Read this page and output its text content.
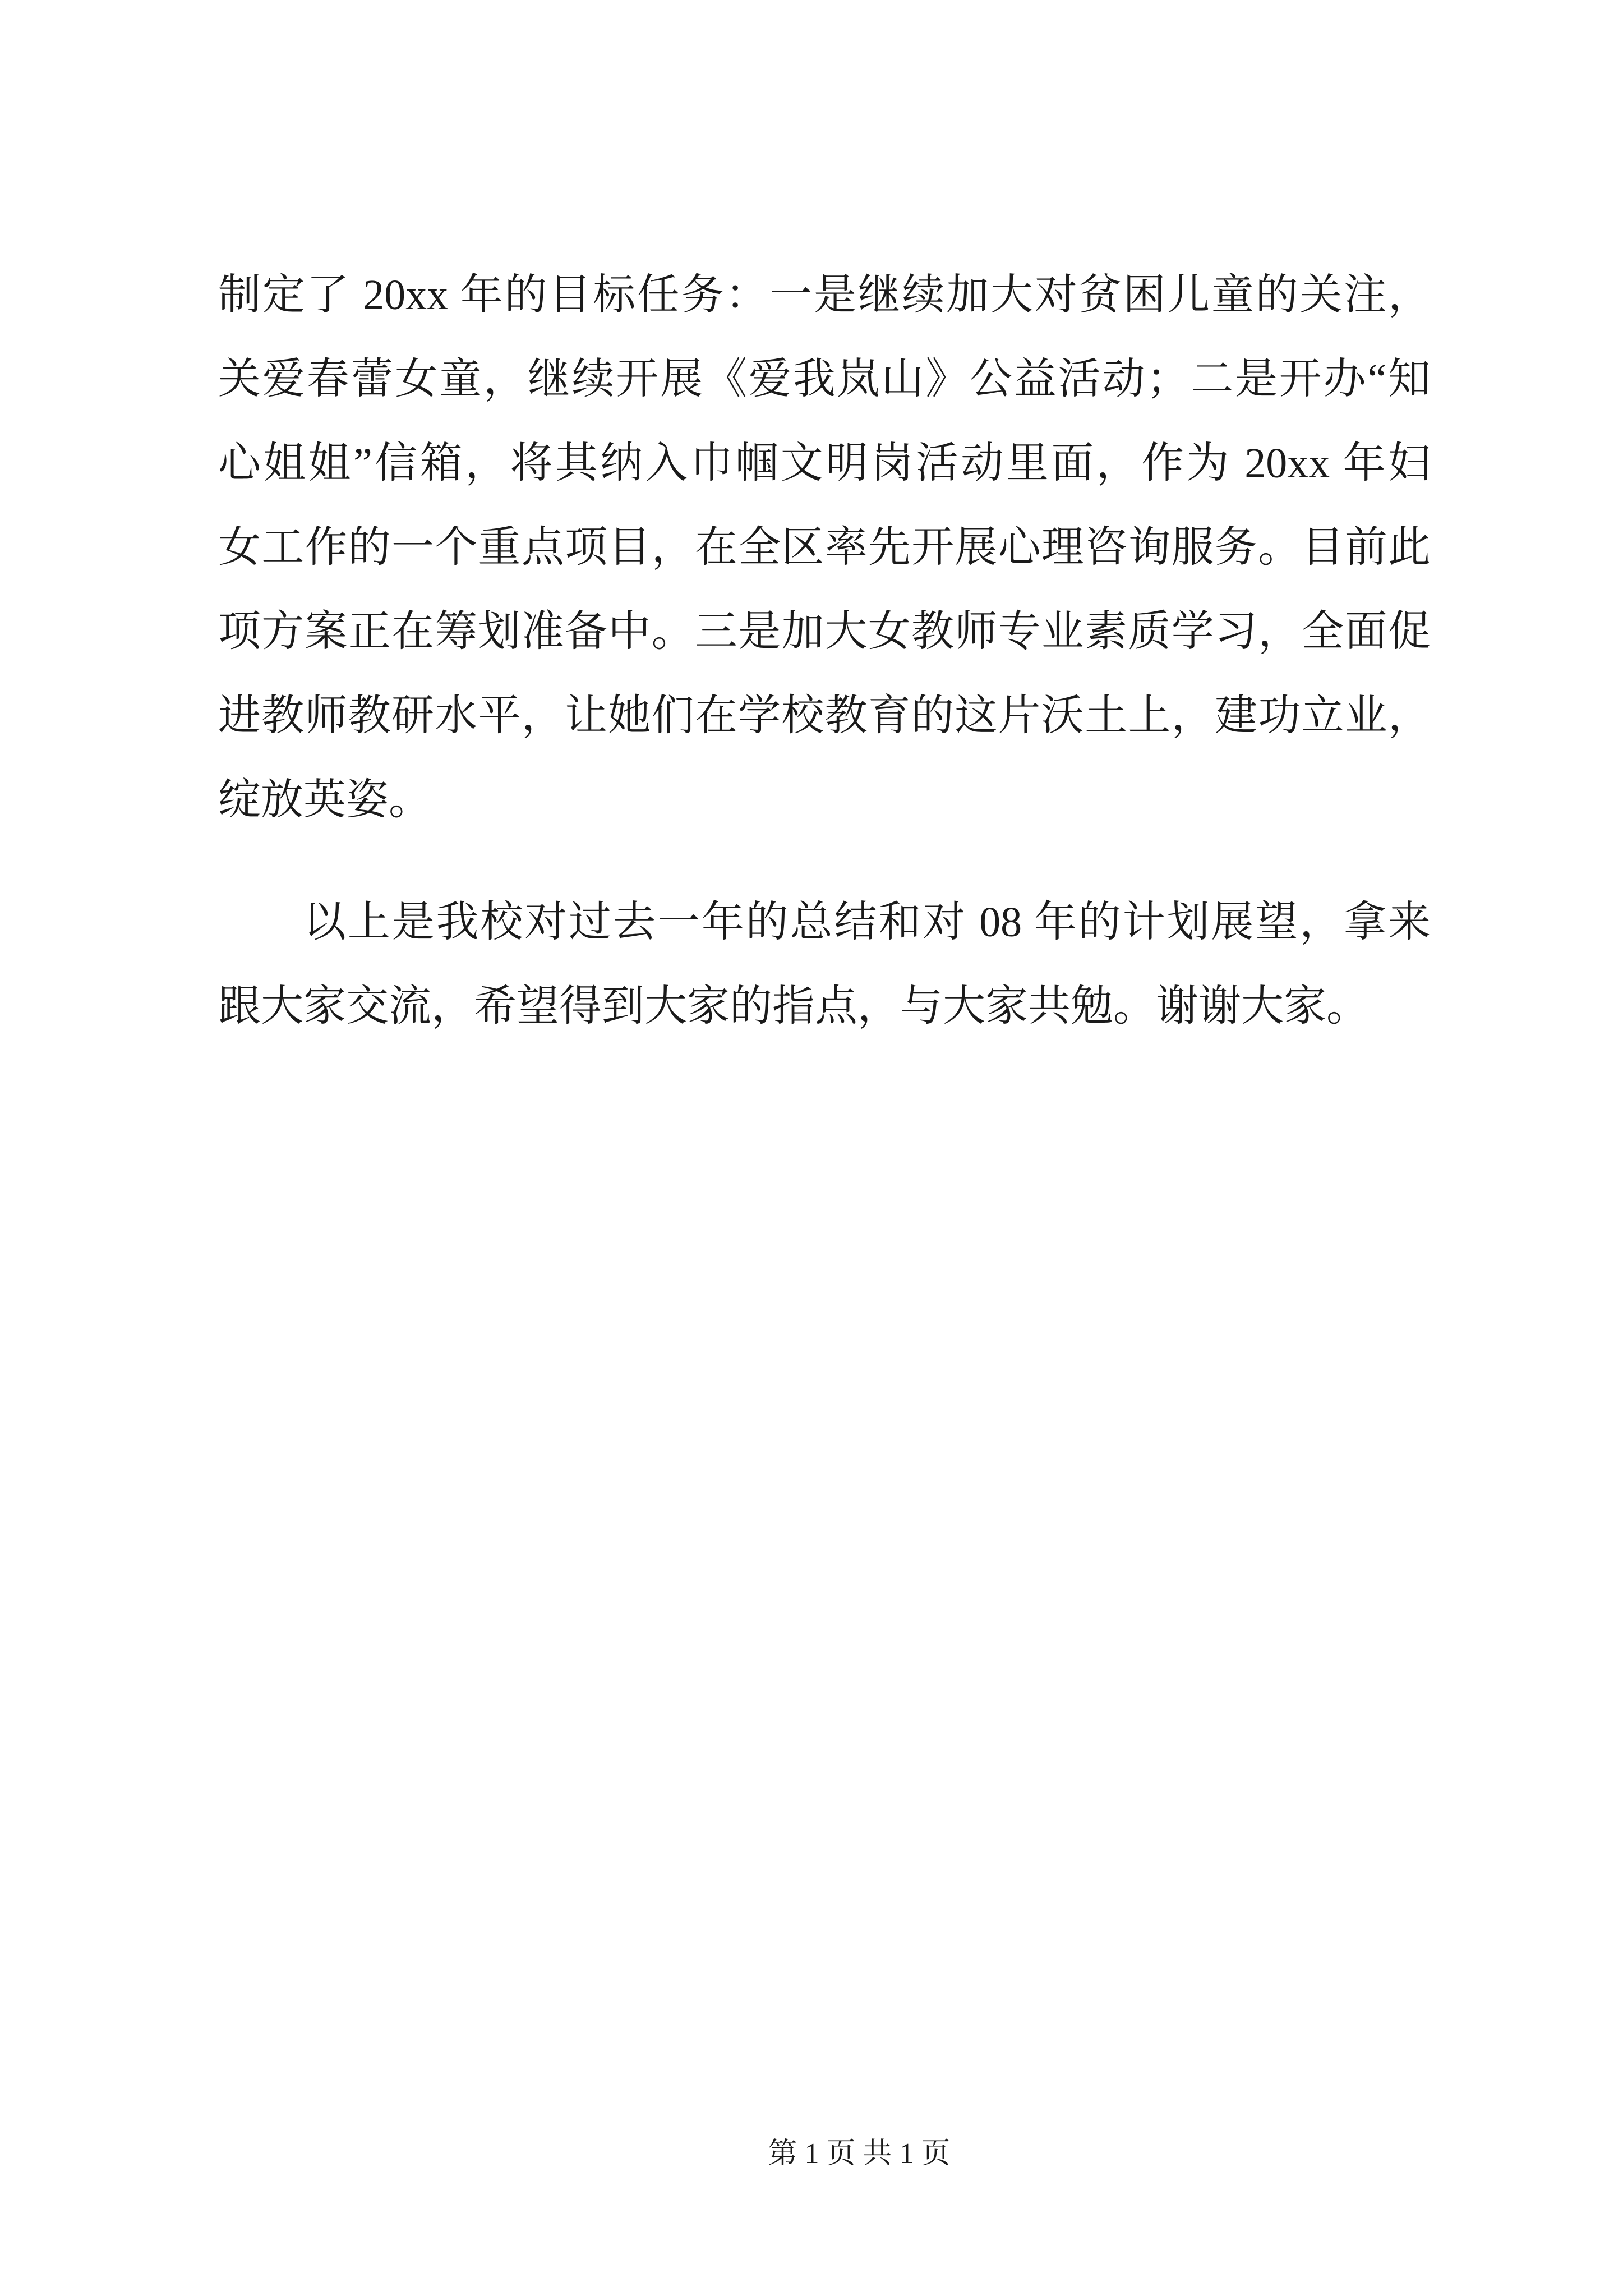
制定了 20xx 年的目标任务：一是继续加大对贫困儿童的关注，
关爱春蕾女童，继续开展《爱我岚山》公益活动；二是开办“知
心姐姐”信箱，将其纳入巾帼文明岗活动里面，作为 20xx 年妇
女工作的一个重点项目，在全区率先开展心理咨询服务。目前此
项方案正在筹划准备中。三是加大女教师专业素质学习，全面促
进教师教研水平，让她们在学校教育的这片沃土上，建功立业，
绽放英姿。

以上是我校对过去一年的总结和对 08 年的计划展望，拿来
跟大家交流，希望得到大家的指点，与大家共勉。谢谢大家。

第 1 页 共 1 页
